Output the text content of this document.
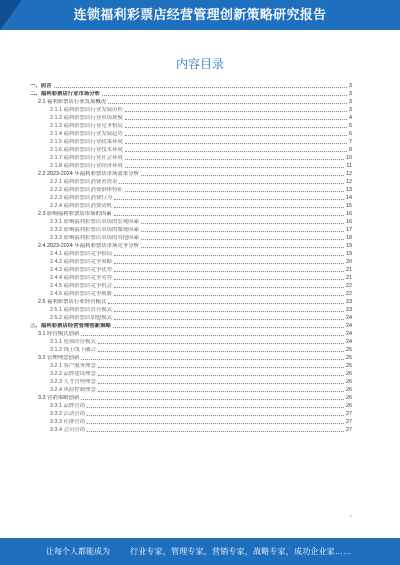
连锁福利彩票店经营管理创新策略研究报告
内容目录
一、前言	3
二、福利彩票店行业市场分析	3
2.1 福利彩票店行业发展概况	3
2.1.1 福利彩票店行业发展历程	3
2.1.2 福利彩票店行业市场规模	4
2.1.3 福利彩票店行业竞争格局	5
2.1.4 福利彩票店行业发展趋势	6
2.1.5 福利彩票店行业政策环境	7
2.1.6 福利彩票店行业技术环境	8
2.1.7 福利彩票店行业社会环境	10
2.1.8 福利彩票店行业经济环境	11
2.2 2023-2024 年福利彩票店市场需求分析	12
2.2.1 福利彩票店消费者需求	12
2.2.2 福利彩票店消费群体特征	13
2.2.3 福利彩票店消费行为	14
2.2.4 福利彩票店消费动机	15
2.3 影响福利彩票店市场的因素	16
2.3.1 影响福利彩票店市场的宏观因素	16
2.3.2 影响福利彩票店市场的微观因素	17
2.3.3 影响福利彩票店市场的其他因素	18
2.4 2023-2024 年福利彩票店市场竞争分析	19
2.4.1 福利彩票店竞争格局	19
2.4.2 福利彩票店竞争策略	20
2.4.3 福利彩票店竞争优势	21
2.4.4 福利彩票店竞争劣势	21
2.4.5 福利彩票店竞争机会	22
2.4.6 福利彩票店竞争威胁	22
2.5 福利彩票店行业经营模式	23
2.5.1 福利彩票店直营模式	23
2.5.2 福利彩票店加盟模式	24
三、福利彩票店经营管理创新策略	24
3.1 经营模式创新	24
3.1.1 连锁经营模式	24
3.1.2 线上线下融合	25
3.2 管理理念创新	25
3.2.1 客户服务理念	25
3.2.2 品牌建设理念	26
3.2.3 人才管理理念	26
3.2.4 风险控制理念	26
3.3 营销策略创新	26
3.3.1 品牌营销	26
3.3.2 活动营销	27
3.3.3 社群营销	27
3.3.4 会员营销	27
1
让每个人都能成为	行业专家，管理专家，营销专家，战略专家，成功企业家……
